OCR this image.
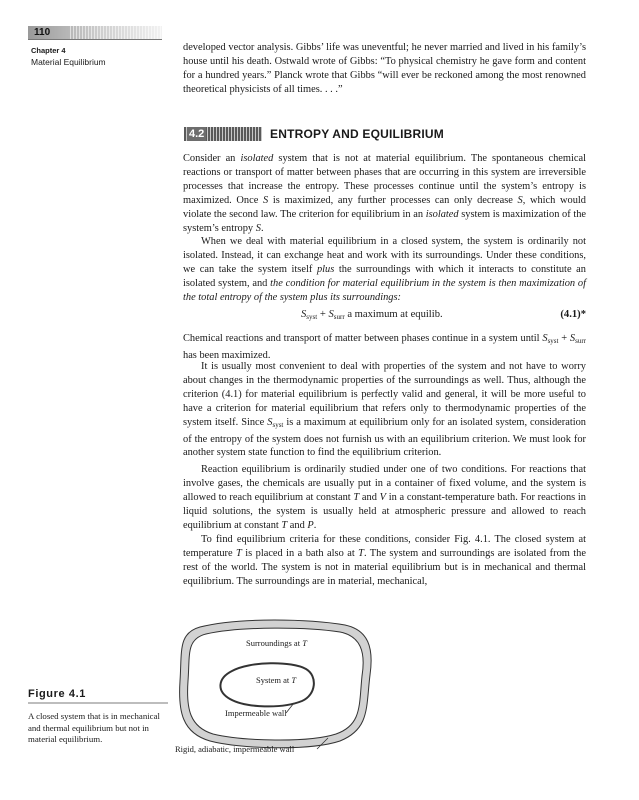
110
Chapter 4
Material Equilibrium

developed vector analysis. Gibbs’ life was uneventful; he never married and lived in his family’s house until his death. Ostwald wrote of Gibbs: “To physical chemistry he gave form and content for a hundred years.” Planck wrote that Gibbs “will ever be reckoned among the most renowned theoretical physicists of all times. . . .”

4.2	ENTROPY AND EQUILIBRIUM

Consider an isolated system that is not at material equilibrium. The spontaneous chemical reactions or transport of matter between phases that are occurring in this system are irreversible processes that increase the entropy. These processes continue until the system’s entropy is maximized. Once S is maximized, any further processes can only decrease S, which would violate the second law. The criterion for equilibrium in an isolated system is maximization of the system’s entropy S.

When we deal with material equilibrium in a closed system, the system is ordinarily not isolated. Instead, it can exchange heat and work with its surroundings. Under these conditions, we can take the system itself plus the surroundings with which it interacts to constitute an isolated system, and the condition for material equilibrium in the system is then maximization of the total entropy of the system plus its surroundings:

$S_{syst} + S_{surr}$ a maximum at equilib.	(4.1)*

Chemical reactions and transport of matter between phases continue in a system until $S_{syst} + S_{surr}$ has been maximized.

It is usually most convenient to deal with properties of the system and not have to worry about changes in the thermodynamic properties of the surroundings as well. Thus, although the criterion (4.1) for material equilibrium is perfectly valid and general, it will be more useful to have a criterion for material equilibrium that refers only to thermodynamic properties of the system itself. Since $S_{syst}$ is a maximum at equilibrium only for an isolated system, consideration of the entropy of the system does not furnish us with an equilibrium criterion. We must look for another system state function to find the equilibrium criterion.

Reaction equilibrium is ordinarily studied under one of two conditions. For reactions that involve gases, the chemicals are usually put in a container of fixed volume, and the system is allowed to reach equilibrium at constant T and V in a constant-temperature bath. For reactions in liquid solutions, the system is usually held at atmospheric pressure and allowed to reach equilibrium at constant T and P.

To find equilibrium criteria for these conditions, consider Fig. 4.1. The closed system at temperature T is placed in a bath also at T. The system and surroundings are isolated from the rest of the world. The system is not in material equilibrium but is in mechanical and thermal equilibrium. The surroundings are in material, mechanical,

Figure 4.1

A closed system that is in mechanical and thermal equilibrium but not in material equilibrium.

Surroundings at T
System at T
Impermeable wall
Rigid, adiabatic, impermeable wall
